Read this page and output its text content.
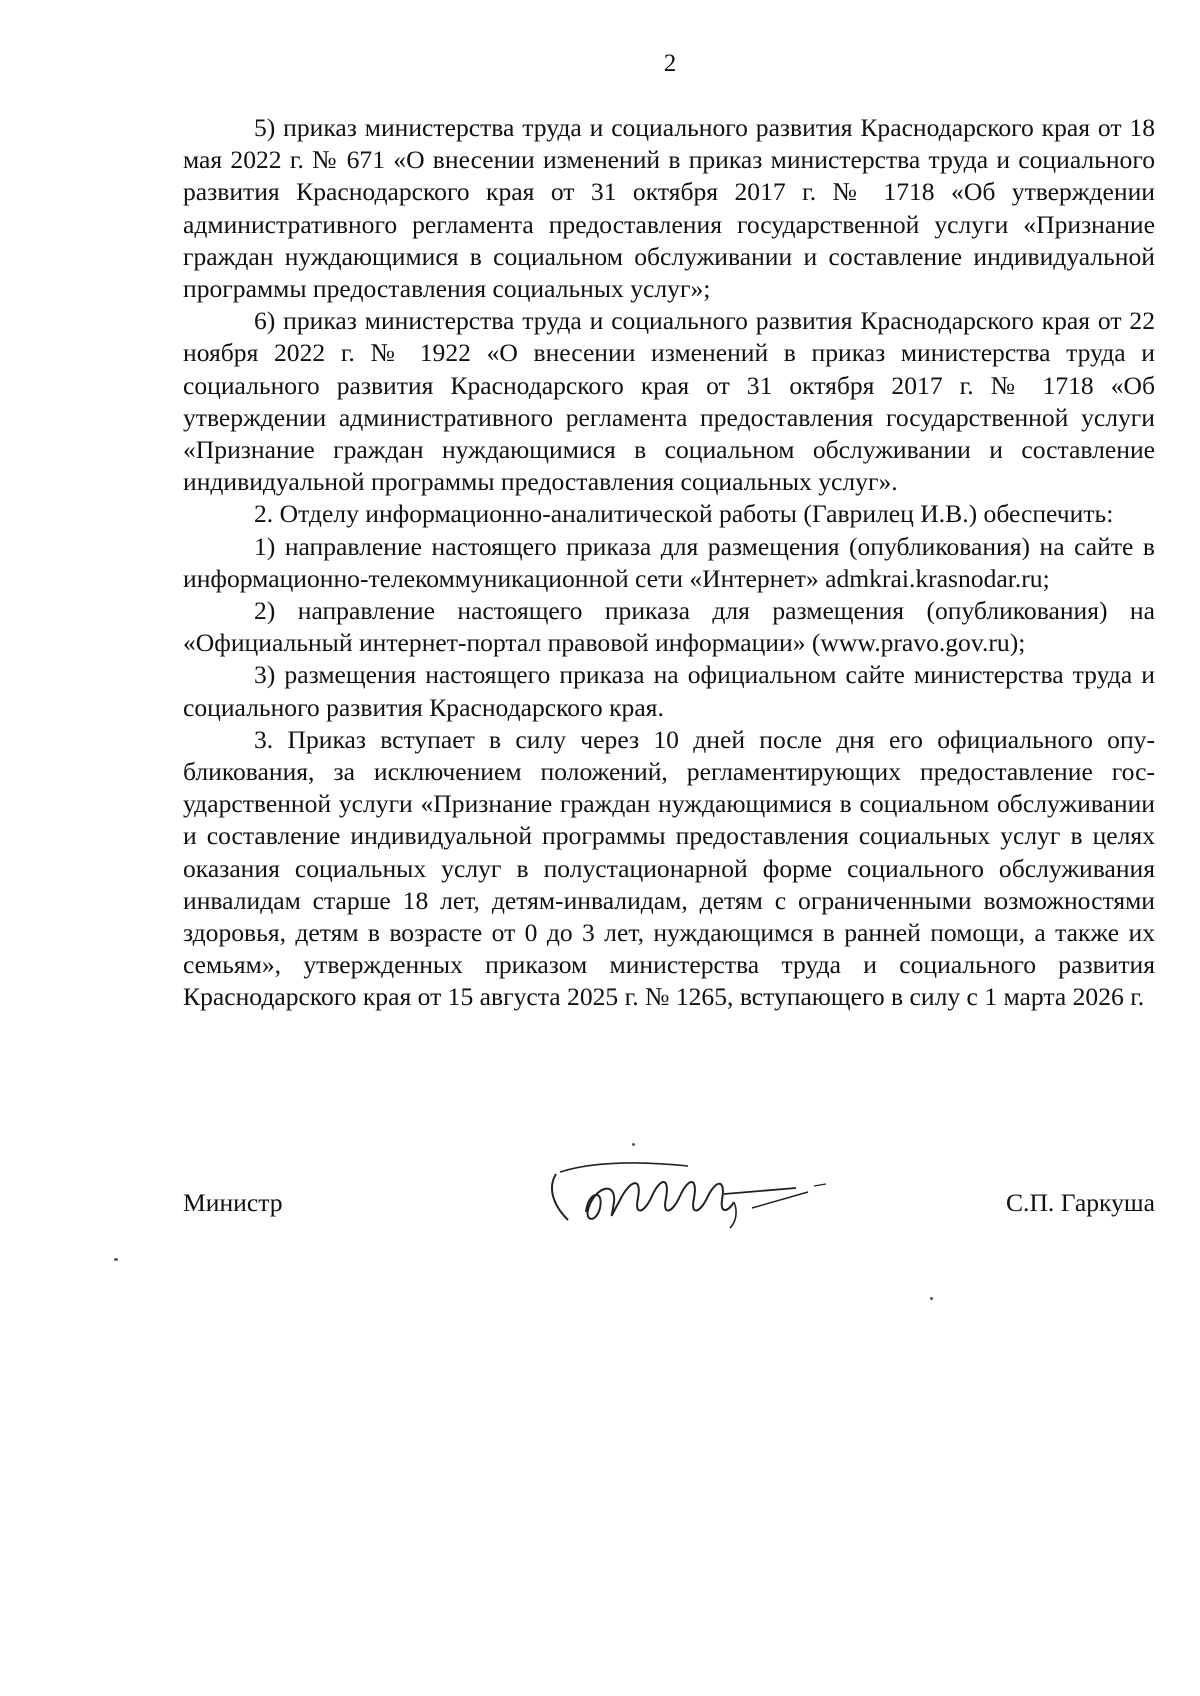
2

5) приказ министерства труда и социального развития Краснодарского края от 18 мая 2022 г. № 671 «О внесении изменений в приказ министерства труда и социального развития Краснодарского края от 31 октября 2017 г. № 1718 «Об утверждении административного регламента предоставления государственной услуги «Признание граждан нуждающимися в социальном обслуживании и составление индивидуальной программы предоставления социальных услуг»;

6) приказ министерства труда и социального развития Краснодарского края от 22 ноября 2022 г. № 1922 «О внесении изменений в приказ министерства труда и социального развития Краснодарского края от 31 октября 2017 г. № 1718 «Об утверждении административного регламента предоставления государственной услуги «Признание граждан нуждающимися в социальном обслуживании и составление индивидуальной программы предоставления социальных услуг».

2. Отделу информационно-аналитической работы (Гаврилец И.В.) обеспечить:

1) направление настоящего приказа для размещения (опубликования) на сайте в информационно-телекоммуникационной сети «Интернет» admkrai.krasnodar.ru;

2) направление настоящего приказа для размещения (опубликования) на «Официальный интернет-портал правовой информации» (www.pravo.gov.ru);

3) размещения настоящего приказа на официальном сайте министерства труда и социального развития Краснодарского края.

3. Приказ вступает в силу через 10 дней после дня его официального опубликования, за исключением положений, регламентирующих предоставление государственной услуги «Признание граждан нуждающимися в социальном обслуживании и составление индивидуальной программы предоставления социальных услуг в целях оказания социальных услуг в полустационарной форме социального обслуживания инвалидам старше 18 лет, детям-инвалидам, детям с ограниченными возможностями здоровья, детям в возрасте от 0 до 3 лет, нуждающимся в ранней помощи, а также их семьям», утвержденных приказом министерства труда и социального развития Краснодарского края от 15 августа 2025 г. № 1265, вступающего в силу с 1 марта 2026 г.

Министр	С.П. Гаркуша
